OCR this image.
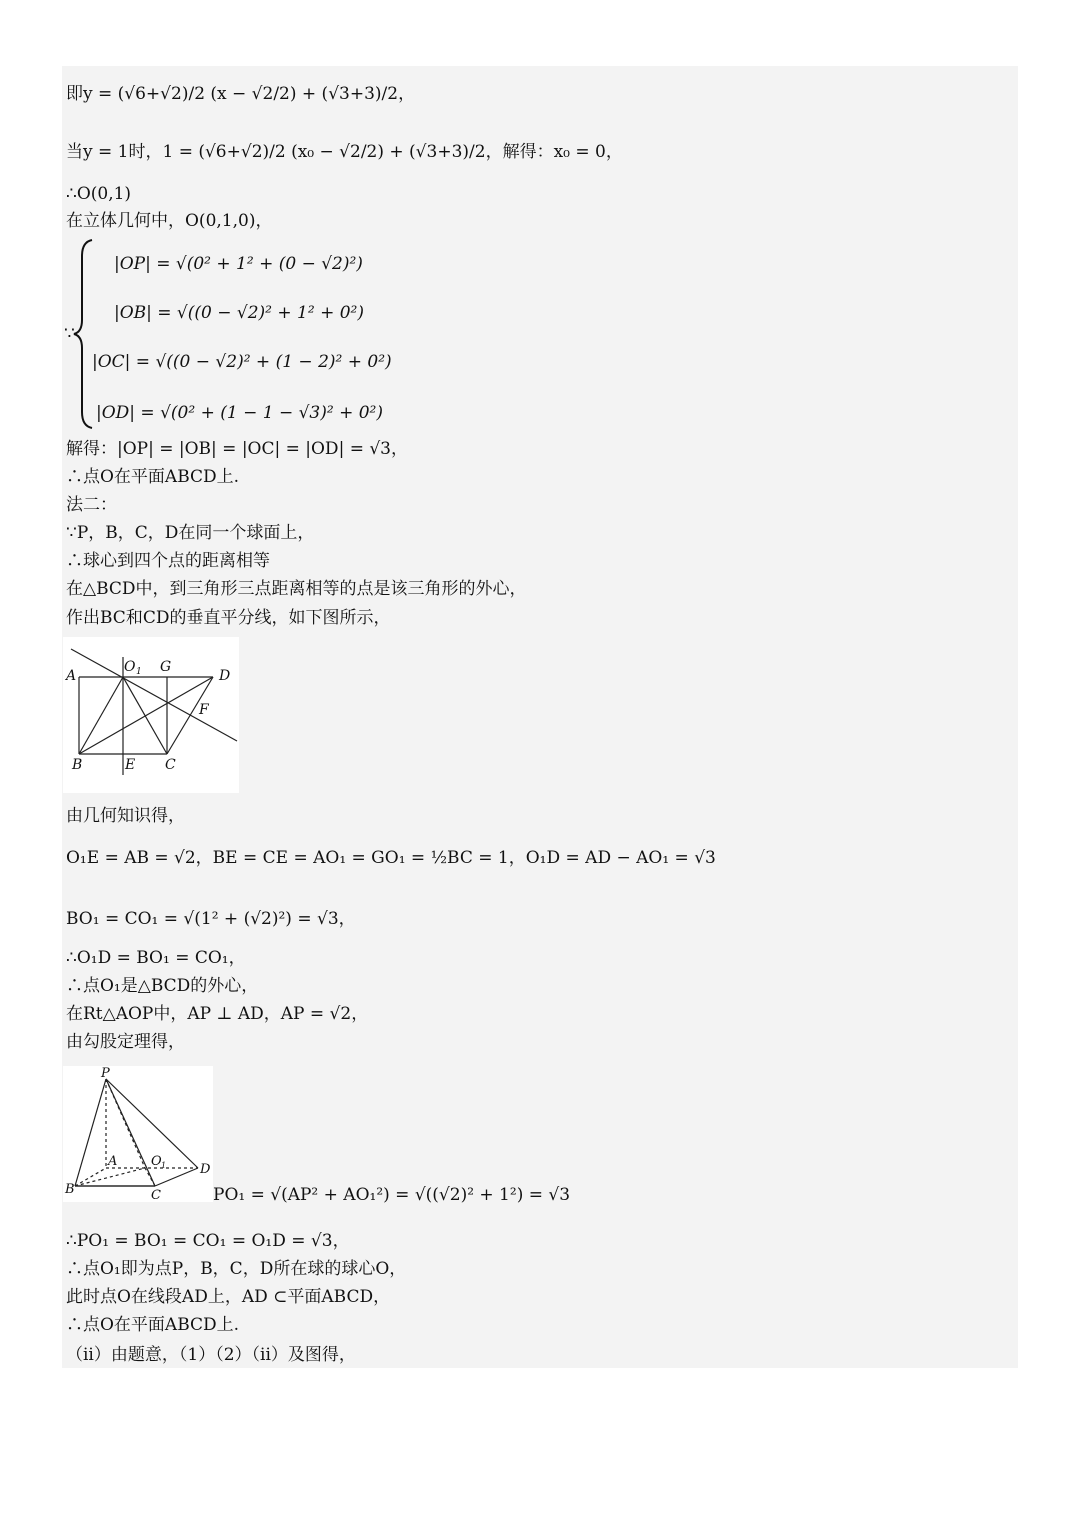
即y = (√6+√2)/2 (x − √2/2) + (√3+3)/2，
当y = 1时，1 = (√6+√2)/2 (x₀ − √2/2) + (√3+3)/2，解得：x₀ = 0，
∴O(0,1)
在立体几何中，O(0,1,0)，
∵
|OP| = √(0² + 1² + (0 − √2)²)
|OB| = √((0 − √2)² + 1² + 0²)
|OC| = √((0 − √2)² + (1 − 2)² + 0²)
|OD| = √(0² + (1 − 1 − √3)² + 0²)
解得：|OP| = |OB| = |OC| = |OD| = √3，
∴点O在平面ABCD上.
法二：
∵P，B，C，D在同一个球面上，
∴球心到四个点的距离相等
在△BCD中，到三角形三点距离相等的点是该三角形的外心，
作出BC和CD的垂直平分线，如下图所示，
A
O 1 G
D
F
B	E C
由几何知识得，
O₁E = AB = √2，BE = CE = AO₁ = GO₁ = ½BC = 1，O₁D = AD − AO₁ = √3
BO₁ = CO₁ = √(1² + (√2)²) = √3，
∴O₁D = BO₁ = CO₁，
∴点O₁是△BCD的外心，
在Rt△AOP中，AP ⊥ AD，AP = √2，
由勾股定理得，
P
A	O 1	D
B	C	PO₁ = √(AP² + AO₁²) = √((√2)² + 1²) = √3
∴PO₁ = BO₁ = CO₁ = O₁D = √3，
∴点O₁即为点P，B，C，D所在球的球心O，
此时点O在线段AD上，AD ⊂平面ABCD，
∴点O在平面ABCD上.
（ii）由题意，（1）（2）（ii）及图得，
